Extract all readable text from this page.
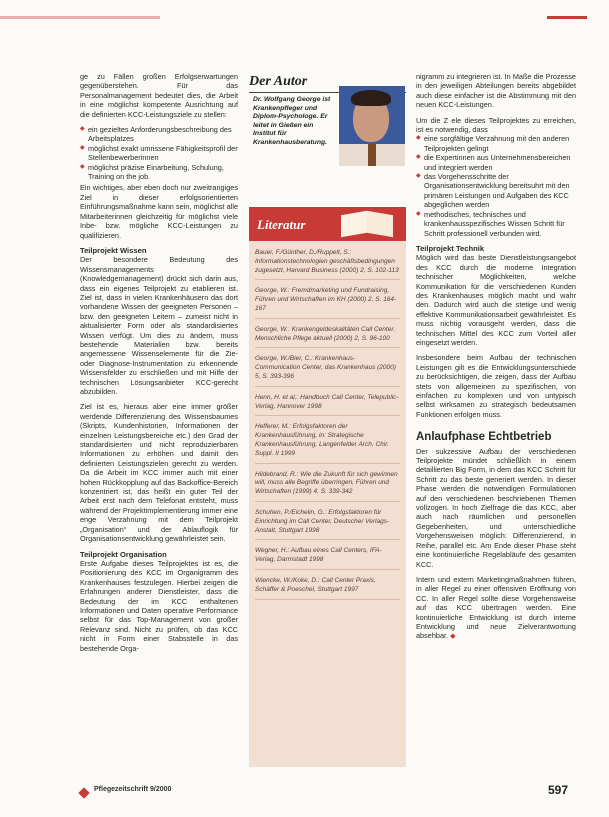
ge zu Fällen großen Erfolgserwartungen gegenüberstehen. Für das Personalmanagement bedeutet dies, die Arbeit in eine möglichst kompetente Ausrichtung auf die definierten KCC-Leistungsziele zu stellen:

◆ ein gezieltes Anforderungsbeschreibung des Arbeitsplatzes
◆ möglichst exakt umrissene Fähigkeitsprofil der Stellenbewerberinnen
◆ möglichst präzise Einarbeitung, Schulung, Training on the job.

Ein wichtiges, aber eben doch nur zweitrangiges Ziel in dieser erfolgsorientierten Einführungsmaßnahme kann sein, möglichst alle Mitarbeiterinnen gleichzeitig für möglichst viele Inbe- bzw. mögliche KCC-Leistungen zu qualifizieren.

Teilprojekt Wissen

Der besondere Bedeutung des Wissensmanagements (Knowledgemanagement) drückt sich darin aus, dass ein eigenes Teilprojekt zu etablieren ist. Ziel ist, dass in vielen Krankenhäusern das dort vorhandene Wissen der geeigneten Personen – bzw. den geeigneten Leitern – zumeist nicht in aktualisierter Form oder als standardisiertes Wissen verfügt. Um dies zu ändern, muss bestehende Materialien bzw. bereits angemessene Wissenselemente für die Zie- oder Diagnose-Instrumentation zu erkennende Wissensfelder zu erschließen und mit Hilfe der technischen Lösungsanbieter KCC-gerecht abzubilden.

Ziel ist es, hieraus aber eine immer größer werdende Differenzierung des Wissensbaumes (Skripts, Kundenhistorien, Informationen der einzelnen Leistungsbereiche etc.) den Grad der standardisierten und nicht reproduzierbaren Informationen zu erhöhen und damit den definierten Leistungszielen gerecht zu werden. Da die Arbeit im KCC immer auch mit einer hohen Rückkopplung auf das Backoffice-Bereich konzentriert ist, das heißt ein guter Teil der Arbeit erst nach dem Telefonat entsteht, muss während der Projektimplementierung immer eine enge Verzahnung mit dem Teilprojekt „Organisation“ und der Ablauflogik für Organisationsentwicklung gewährleistet sein.

Teilprojekt Organisation

Erste Aufgabe dieses Teilprojektes ist es, die Positionierung des KCC im Organigramm des Krankenhauses festzulegen. Hierbei zeigen die Erfahrungen anderer Dienstleister, dass die Bedeutung der im KCC enthaltenen Informationen und Daten operative Performance selbst für das Top-Management von großer Relevanz sind. Nicht zu prüfen, ob das KCC nicht in Form einer Stabsstelle in das bestehende Orga-

Der Autor
Dr. Wolfgang George ist Krankenpfleger und Diplom-Psychologe. Er leitet in Gießen ein Institut für Krankenhausberatung.
Literatur
Bauer, F./Günther, D./Ruppelt, S.: Informationstechnologien geschäftsbedingungen zugesetzt, Harvard Business (2000) 2, S. 102-113
George, W.: Fremdmarketing und Fundraising, Führen und Wirtschaften im KH (2000) 2, S. 164-167
George, W.: Krankengeldeskalitäten Call Center. Menschliche Pflege aktuell (2000) 2, S. 96-100
George, W./Bier, C.: Krankenhaus-Communication Center, das Krankenhaus (2000) 5, S. 393-396
Henn, H. et al.: Handbuch Call Center, Telepublic-Verlag, Hannover 1998
Hefferer, M.: Erfolgsfaktoren der Krankenhausführung, in: Strategische Krankenhausführung, Langenfelder Arch. Chir. Suppl. II 1999
Hildebrand, R.: Wie die Zukunft für sich gewinnen will, muss alle Begriffe überringen, Führen und Wirtschaften (1999) 4, S. 339-342
Schuhen, P./Eichelin, G.: Erfolgsfaktoren für Einrichtung im Call Center, Deutscher Verlags-Anstalt, Stuttgart 1998
Wegner, H.: Aufbau eines Call Centers, IFA-Verlag, Darmstadt 1998
Wiencke, W./Koke, D.: Call Center Praxis, Schäffer & Poeschel, Stuttgart 1997

nigramm zu integrieren ist. In Maße die Prozesse in den jeweiligen Abteilungen bereits abgebildet auch diese einfacher ist die Abstimmung mit den neuen KCC-Leistungen.

Um die Z ele dieses Teilprojektes zu erreichen, ist es notwendig, dass

◆ eine sorgfältige Verzahnung mit den anderen Teilprojekten gelingt
◆ die Expertinnen aus Unternehmensbereichen und integriert werden
◆ das Vorgehensschritte der Organisationsentwicklung bereitsuhrt mit den primären Leistungen und Aufgaben des KCC abgeglichen werden
◆ methodisches, technisches und krankenhausspezifisches Wissen Schritt für Schritt professionell verbunden wird.
Teilprojekt Technik

Möglich wird das beste Dienstleistungsangebot des KCC durch die moderne Integration technischer Möglichkeiten, welche Kommunikation für die verschiedenen Kunden des Krankenhauses möglich macht und wahr den. Dadurch wird auch die stetige und wenig effektive Kommunikationsarbeit gewährleistet. Es muss nichtig vorausgeht werden, dass die technischen Mittel des KCC zum Vorteil aller eingesetzt werden.

Insbesondere beim Aufbau der technischen Leistungen gilt es die Entwicklungsunterschiede zu berücksichtigen, die zeigen, dass der Aufbau stets von allgemeinen zu spezifischen, von einfachen zu komplexen und von untypisch selbst wirksamen zu strategisch bedeutsamen Funktionen erfolgen muss.

Anlaufphase Echtbetrieb

Der sukzessive Aufbau der verschiedenen Teilprojekte mündet schließlich in einem detaillierten Big Form, in dem das KCC Schritt für Schritt zu das beste generiert werden. In dieser Phase werden die notwendigen Formulationen auf den verschiedenen beschriebenen Themen vollzogen. In hoch Zielfrage die das KCC, aber auch nach räumlichen und personellen Gegebenheiten, und unterschiedliche Vorgehensweisen möglich: Differenzierend, in Reihe, parallel etc. Am Ende dieser Phase steht eine kontinuierliche Regelabläufe des gesamten KCC.

Intern und extern Marketingmaßnahmen führen, in aller Regel zu einer offensiven Eröffnung von CC. In aller Regel sollte diese Vorgehensweise auf das KCC übertragen werden. Eine kontinuierliche Entwicklung ist durch interne Entwicklung und neue Zielverantwortung absehbar. ◆

Pflegezeitschrift 9/2000	597
